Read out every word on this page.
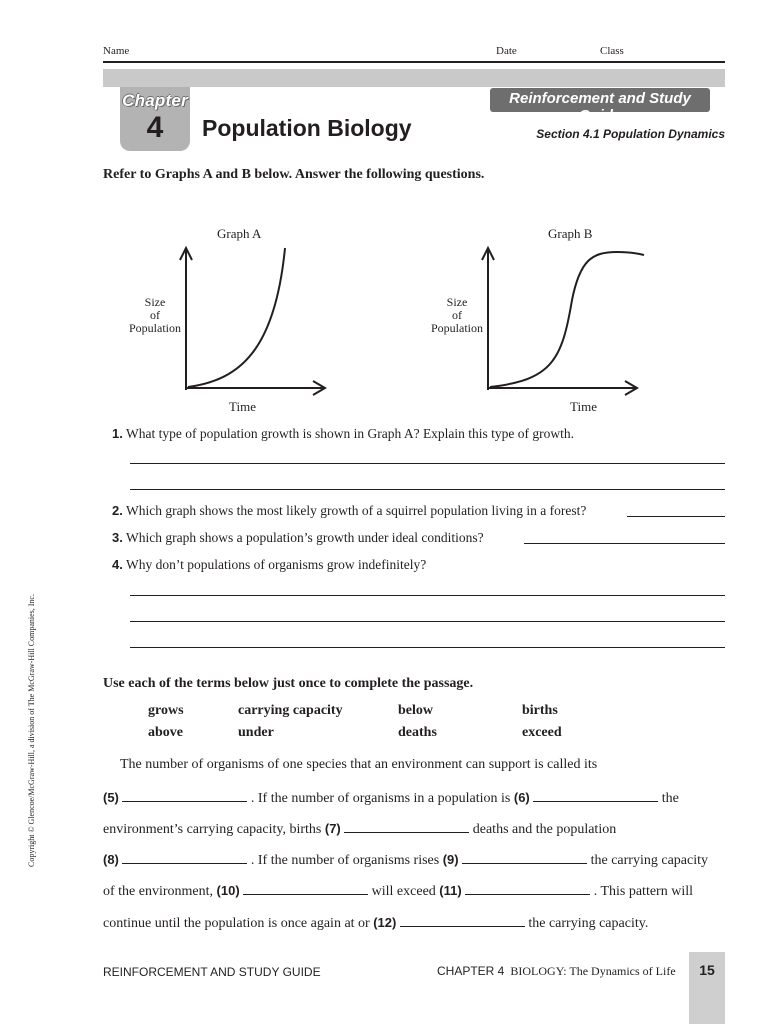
Name	Date	Class
Chapter
4	Population Biology
Reinforcement and Study Guide
Section 4.1 Population Dynamics
Refer to Graphs A and B below. Answer the following questions.
Graph A
Size
of
Population
Time
Graph B
Size
of
Population
Time
1. What type of population growth is shown in Graph A? Explain this type of growth.
2. Which graph shows the most likely growth of a squirrel population living in a forest?
3. Which graph shows a population’s growth under ideal conditions?
4. Why don’t populations of organisms grow indefinitely?
Use each of the terms below just once to complete the passage.
grows	carrying capacity	below	births
above	under	deaths	exceed
The number of organisms of one species that an environment can support is called its
(5)	. If the number of organisms in a population is (6)	the
environment’s carrying capacity, births (7)	deaths and the population
(8)	. If the number of organisms rises (9)	the carrying capacity
of the environment, (10)	will exceed (11)	. This pattern will
continue until the population is once again at or (12)	the carrying capacity.
Copyright © Glencoe/McGraw-Hill, a division of The McGraw-Hill Companies, Inc.
REINFORCEMENT AND STUDY GUIDE	CHAPTER 4 BIOLOGY: The Dynamics of Life	15
